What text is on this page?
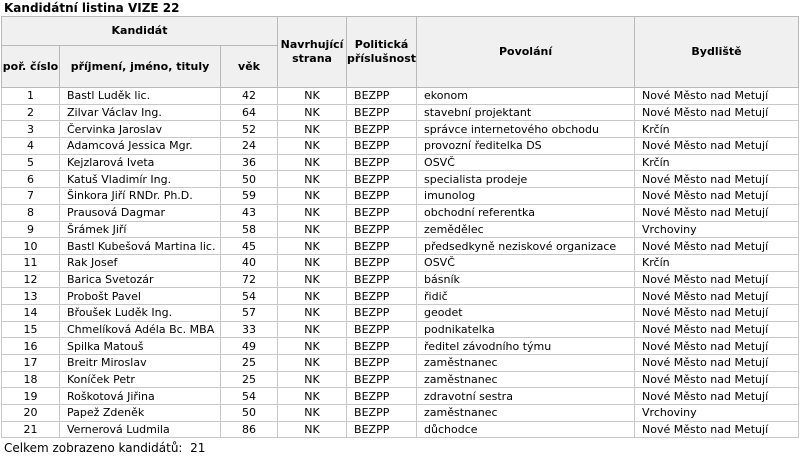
Kandidátní listina VIZE 22
Kandidát			Navrhující strana	Politická příslušnost	Povolání	Bydliště
poř. číslo	příjmení, jméno, tituly	věk				
1	Bastl Luděk lic.	42	NK	BEZPP	ekonom	Nové Město nad Metují
2	Zilvar Václav Ing.	64	NK	BEZPP	stavební projektant	Nové Město nad Metují
3	Červinka Jaroslav	52	NK	BEZPP	správce internetového obchodu	Krčín
4	Adamcová Jessica Mgr.	24	NK	BEZPP	provozní ředitelka DS	Nové Město nad Metují
5	Kejzlarová Iveta	36	NK	BEZPP	OSVČ	Krčín
6	Katuš Vladimír Ing.	50	NK	BEZPP	specialista prodeje	Nové Město nad Metují
7	Šinkora Jiří RNDr. Ph.D.	59	NK	BEZPP	imunolog	Nové Město nad Metují
8	Prausová Dagmar	43	NK	BEZPP	obchodní referentka	Nové Město nad Metují
9	Šrámek Jiří	58	NK	BEZPP	zemědělec	Vrchoviny
10	Bastl Kubešová Martina lic.	45	NK	BEZPP	předsedkyně neziskové organizace	Nové Město nad Metují
11	Rak Josef	40	NK	BEZPP	OSVČ	Krčín
12	Barica Svetozár	72	NK	BEZPP	básník	Nové Město nad Metují
13	Probošt Pavel	54	NK	BEZPP	řidič	Nové Město nad Metují
14	Břoušek Luděk Ing.	57	NK	BEZPP	geodet	Nové Město nad Metují
15	Chmelíková Adéla Bc. MBA	33	NK	BEZPP	podnikatelka	Nové Město nad Metují
16	Spilka Matouš	49	NK	BEZPP	ředitel závodního týmu	Nové Město nad Metují
17	Breitr Miroslav	25	NK	BEZPP	zaměstnanec	Nové Město nad Metují
18	Koníček Petr	25	NK	BEZPP	zaměstnanec	Nové Město nad Metují
19	Roškotová Jiřina	54	NK	BEZPP	zdravotní sestra	Nové Město nad Metují
20	Papež Zdeněk	50	NK	BEZPP	zaměstnanec	Vrchoviny
21	Vernerová Ludmila	86	NK	BEZPP	důchodce	Nové Město nad Metují
Celkem zobrazeno kandidátů: 21
